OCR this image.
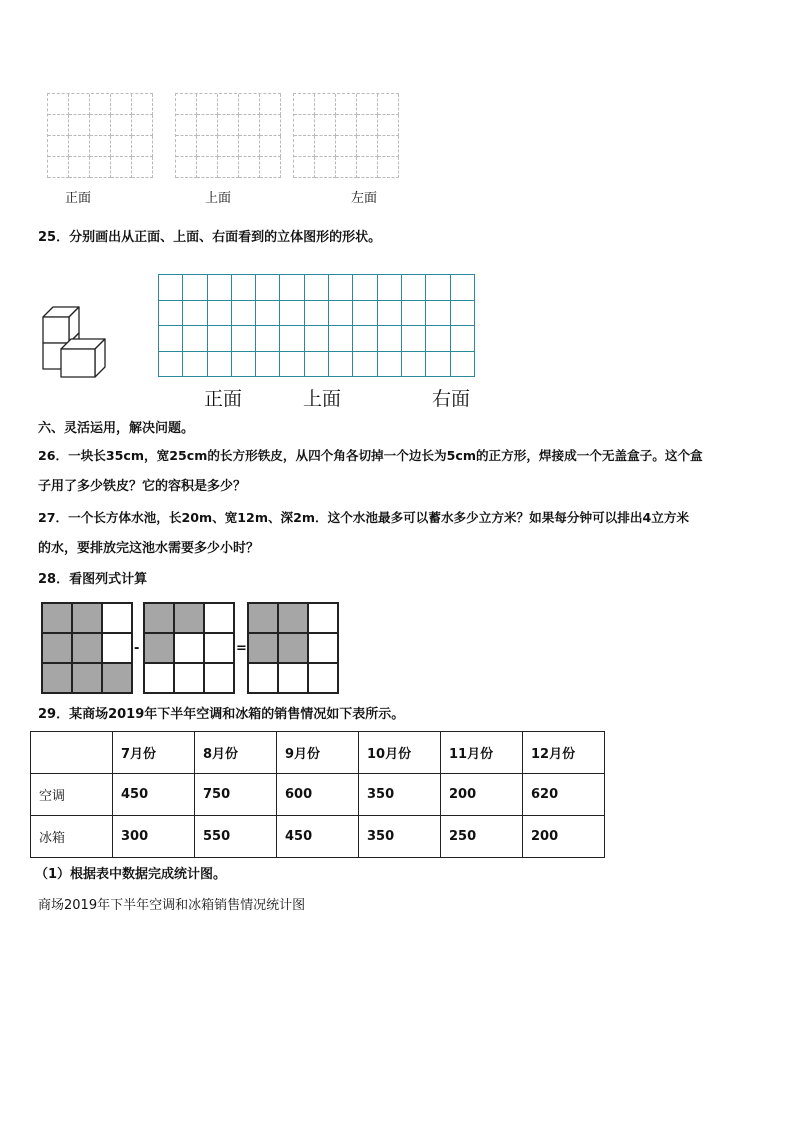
正面	上面	左面
25．分别画出从正面、上面、右面看到的立体图形的形状。
正面	上面	右面
六、灵活运用，解决问题。
26．一块长35cm，宽25cm的长方形铁皮，从四个角各切掉一个边长为5cm的正方形，焊接成一个无盖盒子。这个盒
子用了多少铁皮？它的容积是多少？
27．一个长方体水池，长20m、宽12m、深2m．这个水池最多可以蓄水多少立方米？如果每分钟可以排出4立方米
的水，要排放完这池水需要多少小时？
28．看图列式计算
-	=
29．某商场2019年下半年空调和冰箱的销售情况如下表所示。
	7月份	8月份	9月份	10月份	11月份	12月份
空调	450	750	600	350	200	620
冰箱	300	550	450	350	250	200
（1）根据表中数据完成统计图。
商场2019年下半年空调和冰箱销售情况统计图
